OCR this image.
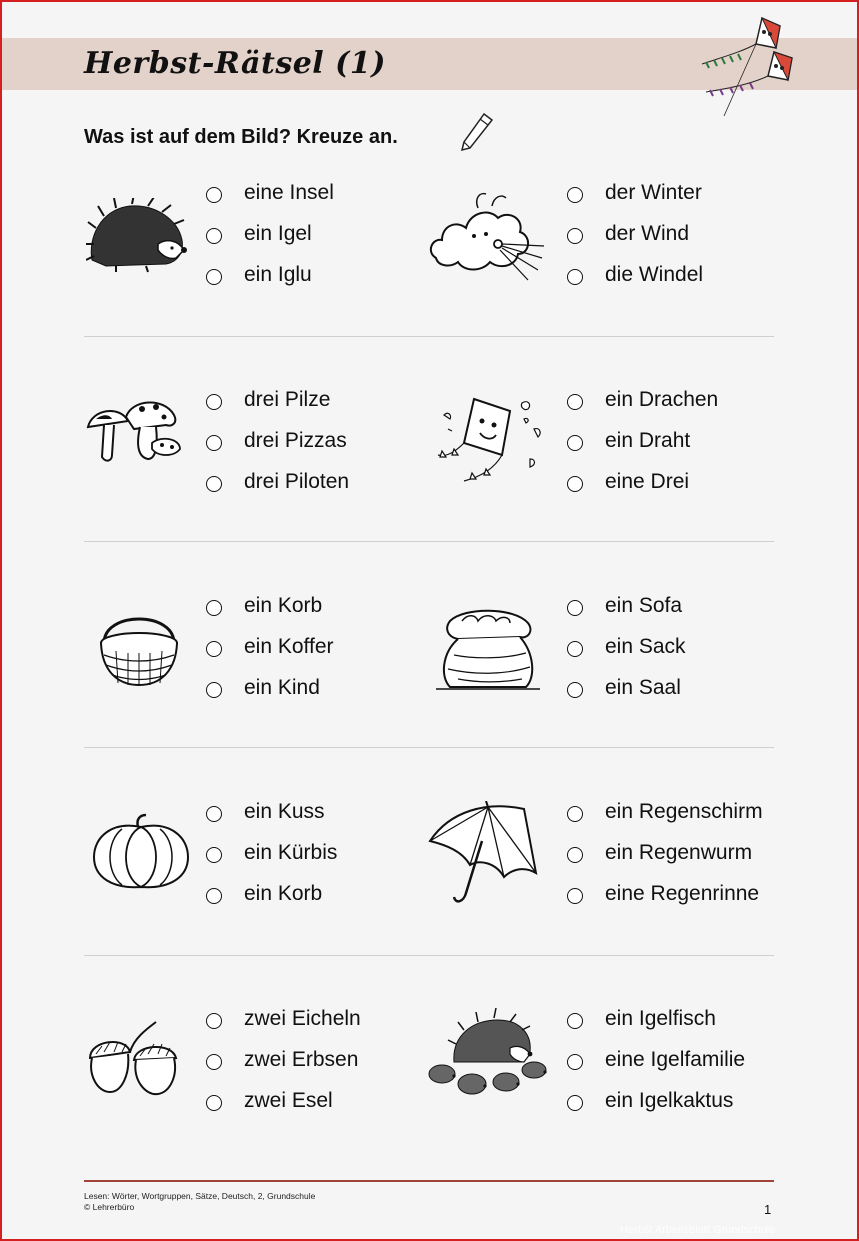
Herbst-Rätsel (1)
Was ist auf dem Bild? Kreuze an.
eine Insel
ein Igel
ein Iglu
der Winter
der Wind
die Windel
drei Pilze
drei Pizzas
drei Piloten
ein Drachen
ein Draht
eine Drei
ein Korb
ein Koffer
ein Kind
ein Sofa
ein Sack
ein Saal
ein Kuss
ein Kürbis
ein Korb
ein Regenschirm
ein Regenwurm
eine Regenrinne
zwei Eicheln
zwei Erbsen
zwei Esel
ein Igelfisch
eine Igelfamilie
ein Igelkaktus
Lesen: Wörter, Wortgruppen, Sätze, Deutsch, 2, Grundschule
© Lehrerbüro	1
Herbst Arbeitsblatt Grundschule
